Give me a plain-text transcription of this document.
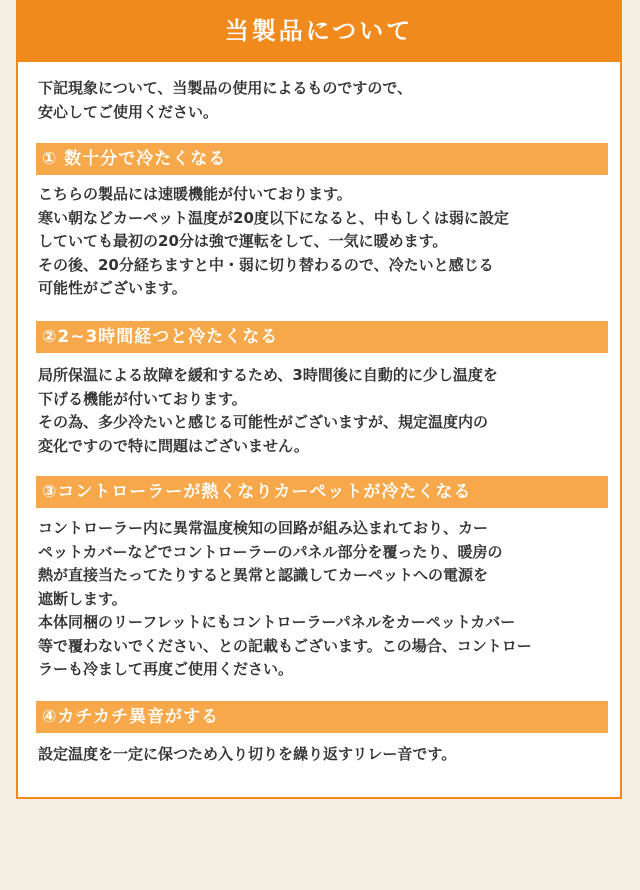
当製品について
下記現象について、当製品の使用によるものですので、
安心してご使用ください。
① 数十分で冷たくなる
こちらの製品には速暖機能が付いております。
寒い朝などカーペット温度が20度以下になると、中もしくは弱に設定
していても最初の20分は強で運転をして、一気に暖めます。
その後、20分経ちますと中・弱に切り替わるので、冷たいと感じる
可能性がございます。
②2~3時間経つと冷たくなる
局所保温による故障を緩和するため、3時間後に自動的に少し温度を
下げる機能が付いております。
その為、多少冷たいと感じる可能性がございますが、規定温度内の
変化ですので特に問題はございません。
③コントローラーが熱くなりカーペットが冷たくなる
コントローラー内に異常温度検知の回路が組み込まれており、カー
ペットカバーなどでコントローラーのパネル部分を覆ったり、暖房の
熱が直接当たってたりすると異常と認識してカーペットへの電源を
遮断します。
本体同梱のリーフレットにもコントローラーパネルをカーペットカバー
等で覆わないでください、との記載もございます。この場合、コントロー
ラーも冷まして再度ご使用ください。
④カチカチ異音がする
設定温度を一定に保つため入り切りを繰り返すリレー音です。
